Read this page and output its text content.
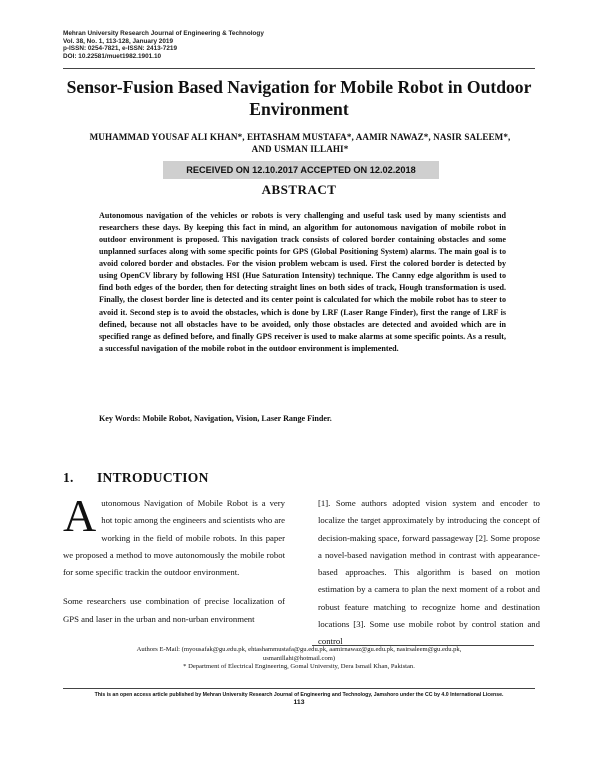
Mehran University Research Journal of Engineering & Technology
Vol. 38, No. 1, 113-128, January 2019
p-ISSN: 0254-7821, e-ISSN: 2413-7219
DOI: 10.22581/muet1982.1901.10
Sensor-Fusion Based Navigation for Mobile Robot in Outdoor
Environment
MUHAMMAD YOUSAF ALI KHAN*, EHTASHAM MUSTAFA*, AAMIR NAWAZ*, NASIR SALEEM*,
AND USMAN ILLAHI*
RECEIVED ON 12.10.2017 ACCEPTED ON 12.02.2018
ABSTRACT
Autonomous navigation of the vehicles or robots is very challenging and useful task used by many scientists and researchers these days. By keeping this fact in mind, an algorithm for autonomous navigation of mobile robot in outdoor environment is proposed. This navigation track consists of colored border containing obstacles and some unplanned surfaces along with some specific points for GPS (Global Positioning System) alarms. The main goal is to avoid colored border and obstacles. For the vision problem webcam is used. First the colored border is detected by using OpenCV library by following HSI (Hue Saturation Intensity) technique. The Canny edge algorithm is used to find both edges of the border, then for detecting straight lines on both sides of track, Hough transformation is used. Finally, the closest border line is detected and its center point is calculated for which the mobile robot has to steer to avoid it. Second step is to avoid the obstacles, which is done by LRF (Laser Range Finder), first the range of LRF is defined, because not all obstacles have to be avoided, only those obstacles are detected and avoided which are in specified range as defined before, and finally GPS receiver is used to make alarms at some specific points. As a result, a successful navigation of the mobile robot in the outdoor environment is implemented.
Key Words: Mobile Robot, Navigation, Vision, Laser Range Finder.
1. INTRODUCTION

Autonomous Navigation of Mobile Robot is a very hot topic among the engineers and scientists who are working in the field of mobile robots. In this paper we proposed a method to move autonomously the mobile robot for some specific trackin the outdoor environment.

Some researchers use combination of precise localization of GPS and laser in the urban and non-urban environment

[1]. Some authors adopted vision system and encoder to localize the target approximately by introducing the concept of decision-making space, forward passageway [2]. Some propose a novel-based navigation method in contrast with appearance-based approaches. This algorithm is based on motion estimation by a camera to plan the next moment of a robot and robust feature matching to recognize home and destination locations [3]. Some use mobile robot by control station and control

Authors E-Mail: (myousafak@gu.edu.pk, ehtashammustafa@gu.edu.pk, aamirnawaz@gu.edu.pk, nasirsaleem@gu.edu.pk,
usmanillahi@hotmail.com)
* Department of Electrical Engineering, Gomal University, Dera Ismail Khan, Pakistan.
This is an open access article published by Mehran University Research Journal of Engineering and Technology, Jamshoro under the CC by 4.0 International License.
113
